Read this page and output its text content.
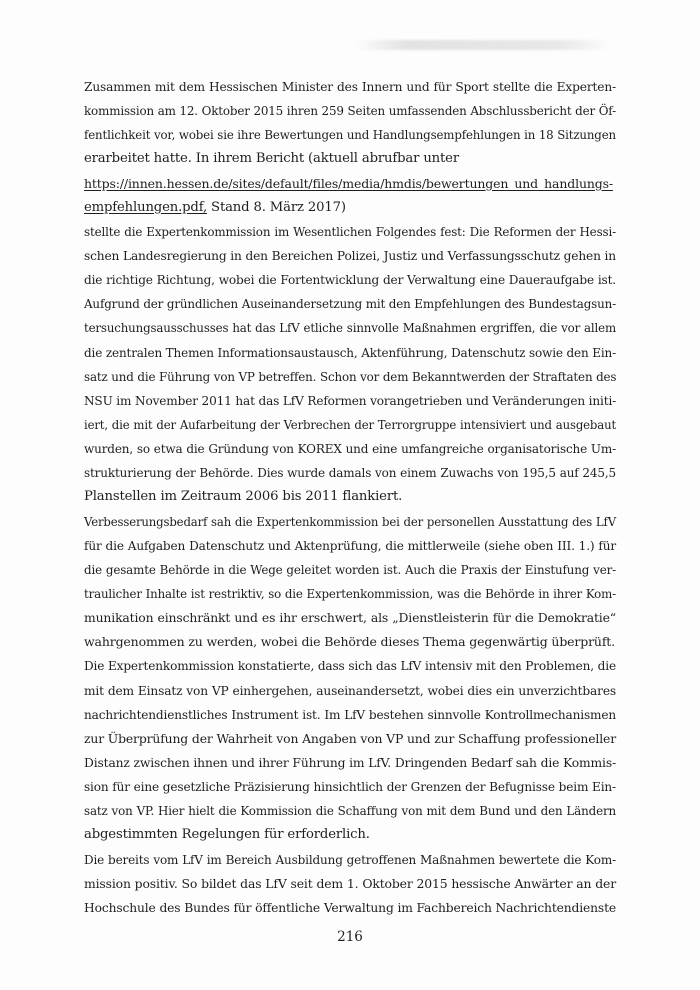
Zusammen mit dem Hessischen Minister des Innern und für Sport stellte die Experten-
kommission am 12. Oktober 2015 ihren 259 Seiten umfassenden Abschlussbericht der Öf-
fentlichkeit vor, wobei sie ihre Bewertungen und Handlungsempfehlungen in 18 Sitzungen
erarbeitet hatte. In ihrem Bericht (aktuell abrufbar unter
https://innen.hessen.de/sites/default/files/media/hmdis/bewertungen_und_handlungs-
empfehlungen.pdf, Stand 8. März 2017)
stellte die Expertenkommission im Wesentlichen Folgendes fest: Die Reformen der Hessi-
schen Landesregierung in den Bereichen Polizei, Justiz und Verfassungsschutz gehen in
die richtige Richtung, wobei die Fortentwicklung der Verwaltung eine Daueraufgabe ist.
Aufgrund der gründlichen Auseinandersetzung mit den Empfehlungen des Bundestagsun-
tersuchungsausschusses hat das LfV etliche sinnvolle Maßnahmen ergriffen, die vor allem
die zentralen Themen Informationsaustausch, Aktenführung, Datenschutz sowie den Ein-
satz und die Führung von VP betreffen. Schon vor dem Bekanntwerden der Straftaten des
NSU im November 2011 hat das LfV Reformen vorangetrieben und Veränderungen initi-
iert, die mit der Aufarbeitung der Verbrechen der Terrorgruppe intensiviert und ausgebaut
wurden, so etwa die Gründung von KOREX und eine umfangreiche organisatorische Um-
strukturierung der Behörde. Dies wurde damals von einem Zuwachs von 195,5 auf 245,5
Planstellen im Zeitraum 2006 bis 2011 flankiert.
Verbesserungsbedarf sah die Expertenkommission bei der personellen Ausstattung des LfV
für die Aufgaben Datenschutz und Aktenprüfung, die mittlerweile (siehe oben III. 1.) für
die gesamte Behörde in die Wege geleitet worden ist. Auch die Praxis der Einstufung ver-
traulicher Inhalte ist restriktiv, so die Expertenkommission, was die Behörde in ihrer Kom-
munikation einschränkt und es ihr erschwert, als „Dienstleisterin für die Demokratie“
wahrgenommen zu werden, wobei die Behörde dieses Thema gegenwärtig überprüft.
Die Expertenkommission konstatierte, dass sich das LfV intensiv mit den Problemen, die
mit dem Einsatz von VP einhergehen, auseinandersetzt, wobei dies ein unverzichtbares
nachrichtendienstliches Instrument ist. Im LfV bestehen sinnvolle Kontrollmechanismen
zur Überprüfung der Wahrheit von Angaben von VP und zur Schaffung professioneller
Distanz zwischen ihnen und ihrer Führung im LfV. Dringenden Bedarf sah die Kommis-
sion für eine gesetzliche Präzisierung hinsichtlich der Grenzen der Befugnisse beim Ein-
satz von VP. Hier hielt die Kommission die Schaffung von mit dem Bund und den Ländern
abgestimmten Regelungen für erforderlich.
Die bereits vom LfV im Bereich Ausbildung getroffenen Maßnahmen bewertete die Kom-
mission positiv. So bildet das LfV seit dem 1. Oktober 2015 hessische Anwärter an der
Hochschule des Bundes für öffentliche Verwaltung im Fachbereich Nachrichtendienste
216
